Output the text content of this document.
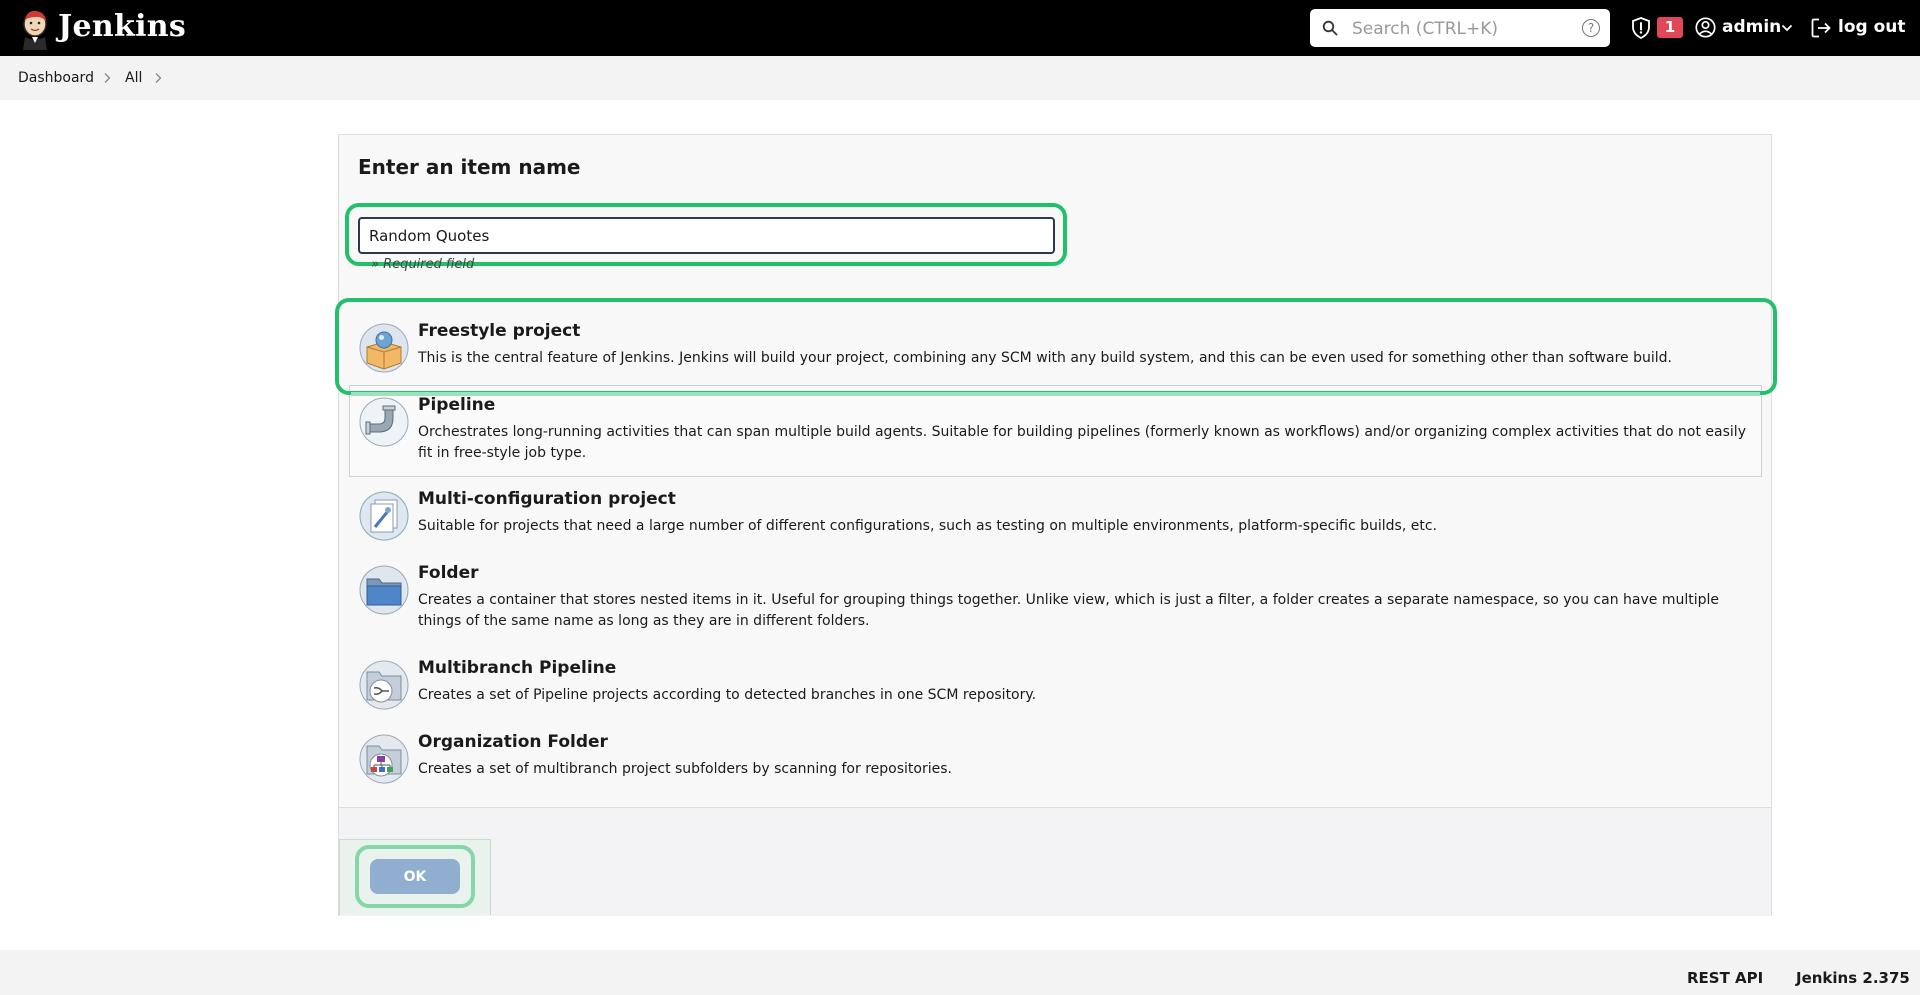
Jenkins
Search (CTRL+K)	?	1	admin	log out
Dashboard All
Enter an item name
Random Quotes
» Required field
Freestyle project
This is the central feature of Jenkins. Jenkins will build your project, combining any SCM with any build system, and this can be even used for something other than software build.
Pipeline
Orchestrates long-running activities that can span multiple build agents. Suitable for building pipelines (formerly known as workflows) and/or organizing complex activities that do not easily fit in free-style job type.
Multi-configuration project
Suitable for projects that need a large number of different configurations, such as testing on multiple environments, platform-specific builds, etc.
Folder
Creates a container that stores nested items in it. Useful for grouping things together. Unlike view, which is just a filter, a folder creates a separate namespace, so you can have multiple things of the same name as long as they are in different folders.
Multibranch Pipeline
Creates a set of Pipeline projects according to detected branches in one SCM repository.
Organization Folder
Creates a set of multibranch project subfolders by scanning for repositories.
OK
REST API Jenkins 2.375
